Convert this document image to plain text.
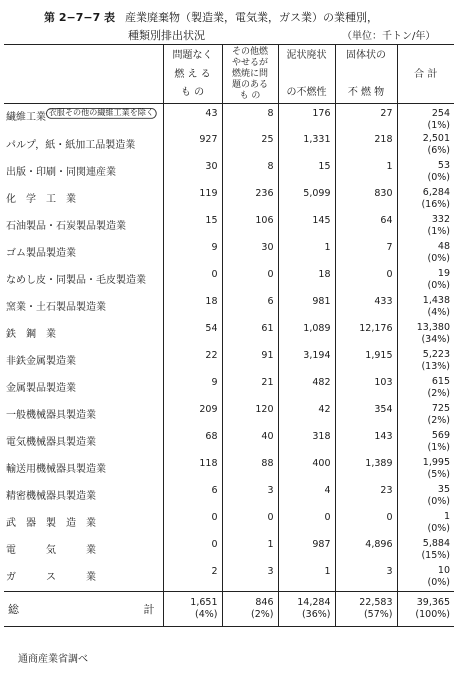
第 2−7−7 表 産業廃棄物（製造業，電気業，ガス業）の業種別，
種類別排出状況	（単位：千トン/年）

	問題なく
燃 え る
も の	その他燃
やせるが
燃焼に問
題のある
も の	泥状廃状
の不燃性	固体状の
不 燃 物	合 計
繊維工業 衣服その他の繊維工業を除く	43	8	176	27	254
(1%)
パルプ，紙・紙加工品製造業	927	25	1,331	218	2,501
(6%)
出版・印刷・同関連産業	30	8	15	1	53
(0%)
化　学　工　業	119	236	5,099	830	6,284
(16%)
石油製品・石炭製品製造業	15	106	145	64	332
(1%)
ゴム製品製造業	9	30	1	7	48
(0%)
なめし皮・同製品・毛皮製造業	0	0	18	0	19
(0%)
窯業・土石製品製造業	18	6	981	433	1,438
(4%)
鉄　鋼　業	54	61	1,089	12,176	13,380
(34%)
非鉄金属製造業	22	91	3,194	1,915	5,223
(13%)
金属製品製造業	9	21	482	103	615
(2%)
一般機械器具製造業	209	120	42	354	725
(2%)
電気機械器具製造業	68	40	318	143	569
(1%)
輸送用機械器具製造業	118	88	400	1,389	1,995
(5%)
精密機械器具製造業	6	3	4	23	35
(0%)
武　器　製　造　業	0	0	0	0	1
(0%)
電　　　気　　　業	0	1	987	4,896	5,884
(15%)
ガ　　　ス　　　業	2	3	1	3	10
(0%)

総 計	1,651
(4%)	846
(2%)	14,284
(36%)	22,583
(57%)	39,365
(100%)
通商産業省調べ
